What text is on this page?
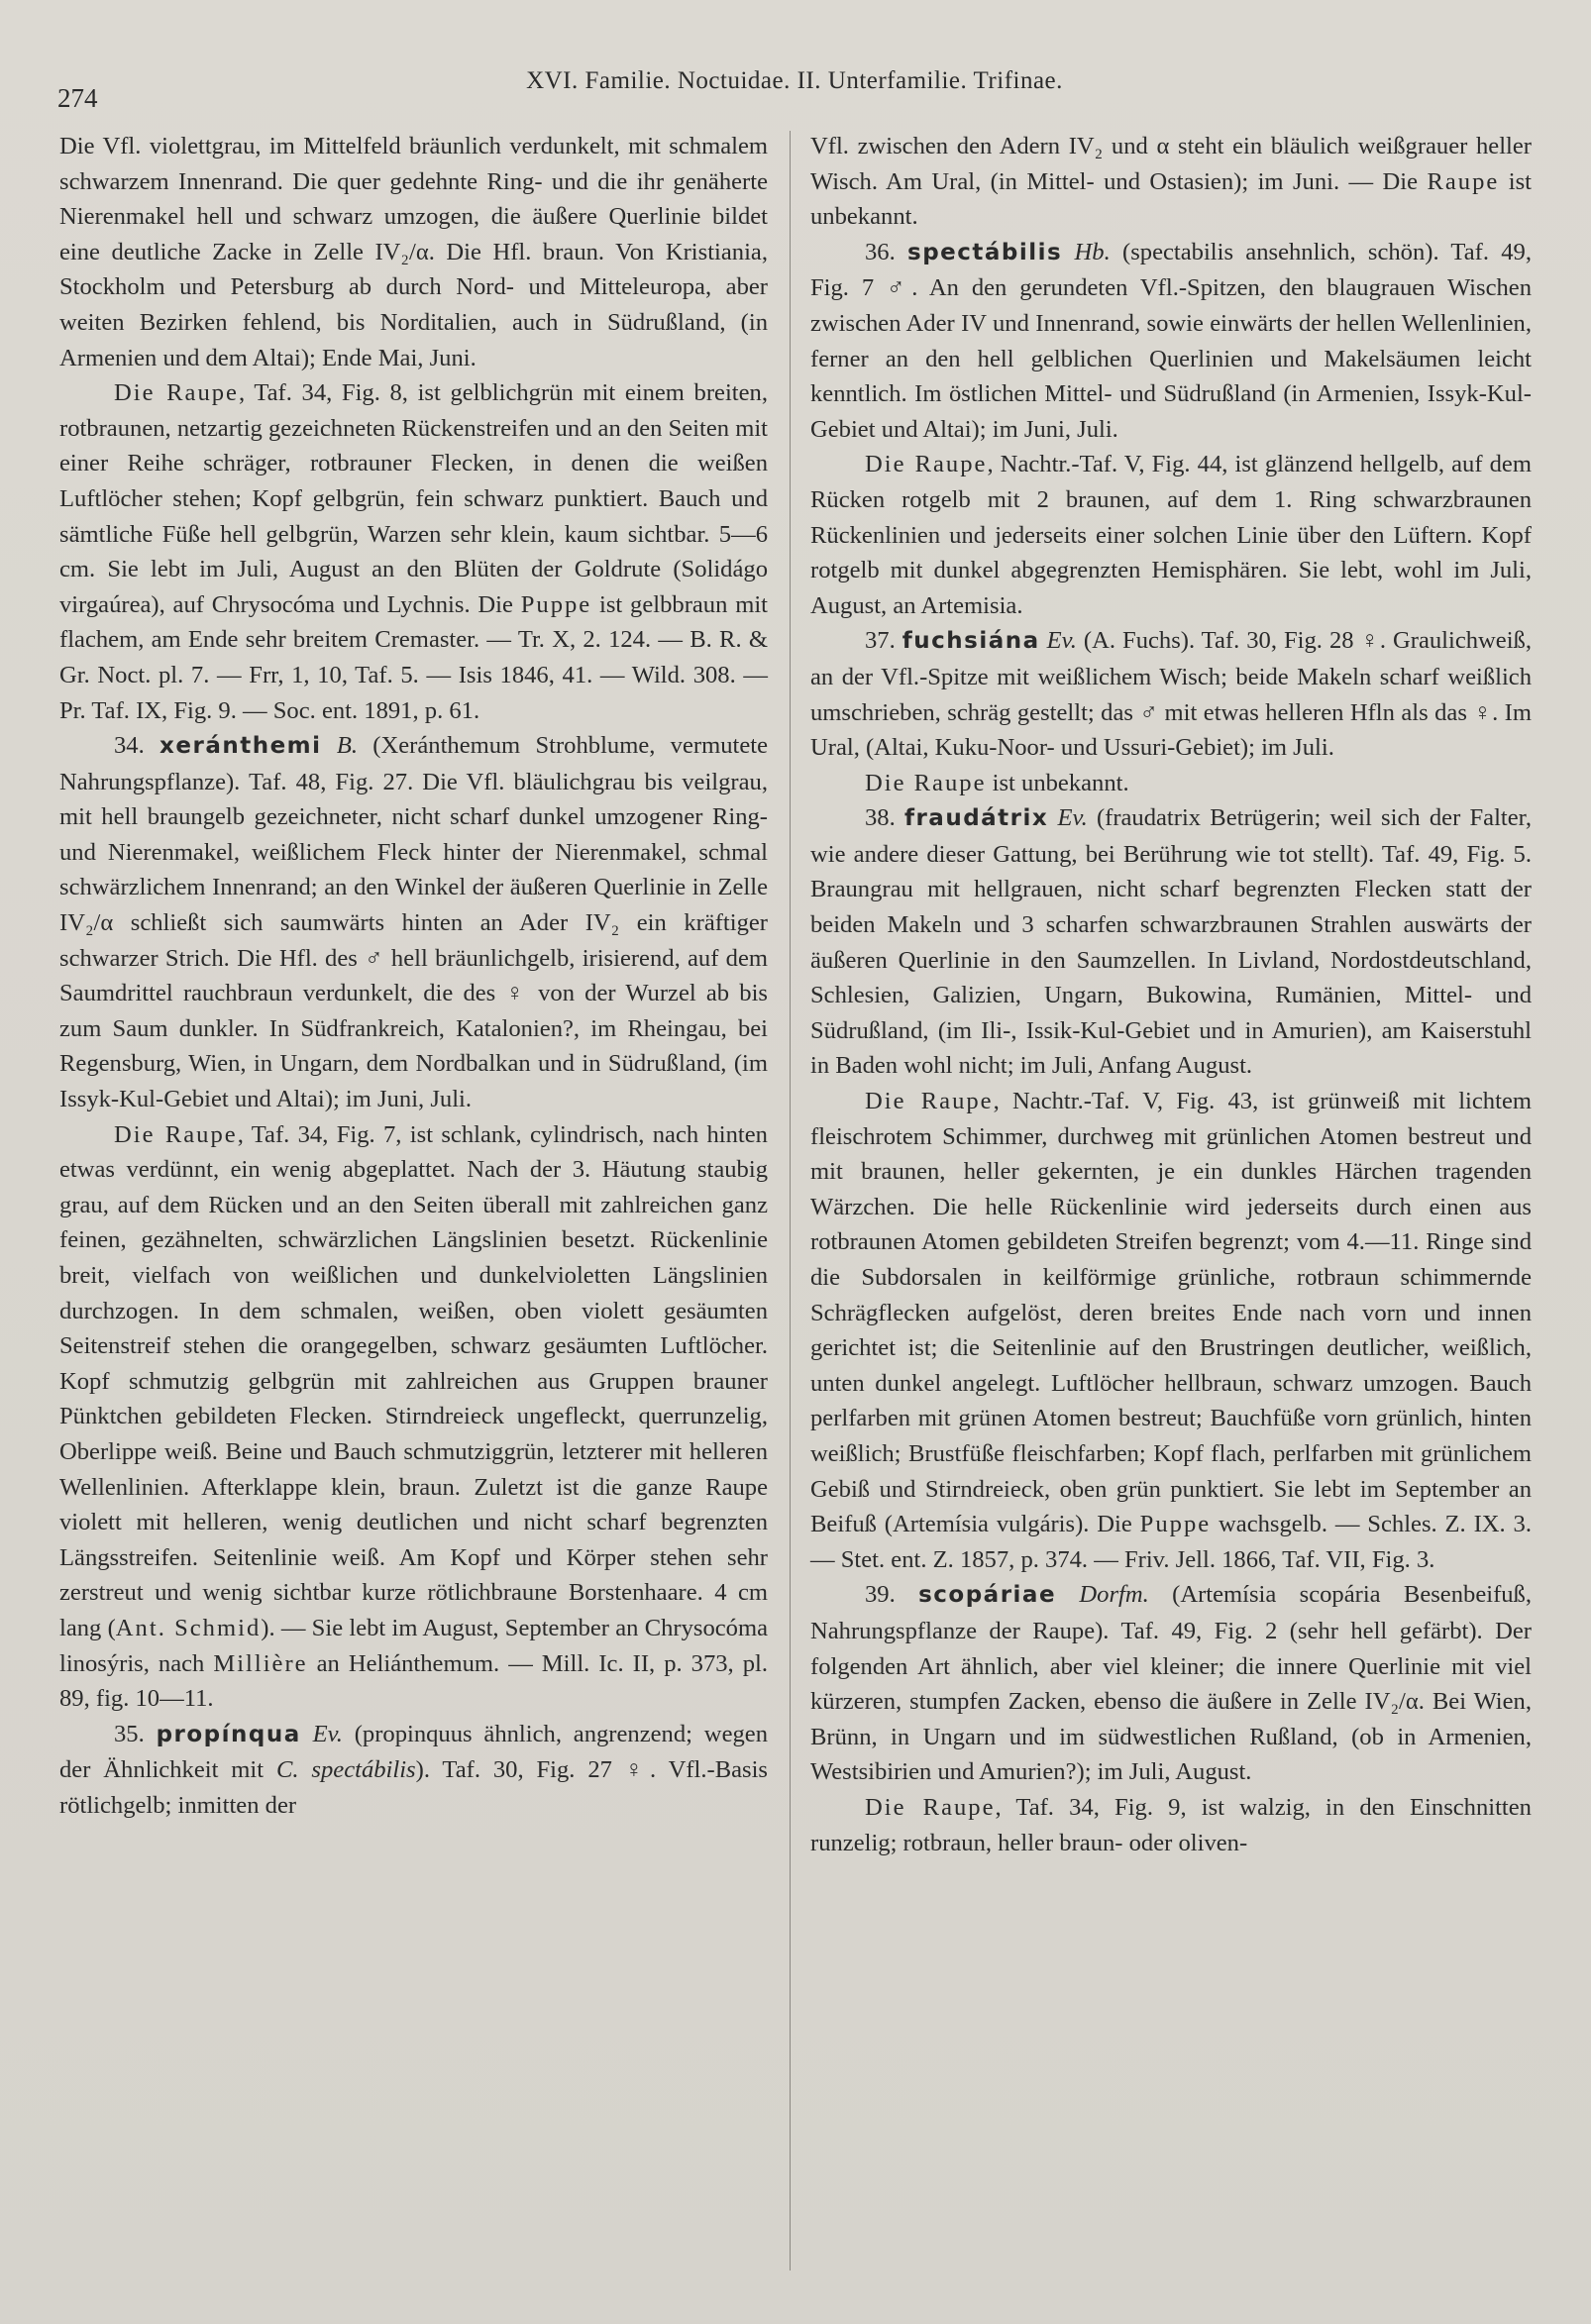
274
XVI. Familie. Noctuidae. II. Unterfamilie. Trifinae.

Die Vfl. violettgrau, im Mittelfeld bräunlich verdunkelt, mit schmalem schwarzem Innenrand. Die quer gedehnte Ring- und die ihr genäherte Nierenmakel hell und schwarz umzogen, die äußere Querlinie bildet eine deutliche Zacke in Zelle IV₂/α. Die Hfl. braun. Von Kristiania, Stockholm und Petersburg ab durch Nord- und Mitteleuropa, aber weiten Bezirken fehlend, bis Norditalien, auch in Südrußland, (in Armenien und dem Altai); Ende Mai, Juni.

Die Raupe, Taf. 34, Fig. 8, ist gelblichgrün mit einem breiten, rotbraunen, netzartig gezeichneten Rückenstreifen und an den Seiten mit einer Reihe schräger, rotbrauner Flecken, in denen die weißen Luftlöcher stehen; Kopf gelbgrün, fein schwarz punktiert. Bauch und sämtliche Füße hell gelbgrün, Warzen sehr klein, kaum sichtbar. 5—6 cm. Sie lebt im Juli, August an den Blüten der Goldrute (Solidágo virgaúrea), auf Chrysocóma und Lychnis. Die Puppe ist gelbbraun mit flachem, am Ende sehr breitem Cremaster. — Tr. X, 2. 124. — B. R. & Gr. Noct. pl. 7. — Frr, 1, 10, Taf. 5. — Isis 1846, 41. — Wild. 308. — Pr. Taf. IX, Fig. 9. — Soc. ent. 1891, p. 61.

34. xeránthemi B. (Xeránthemum Strohblume, vermutete Nahrungspflanze). Taf. 48, Fig. 27. Die Vfl. bläulichgrau bis veilgrau, mit hell braungelb gezeichneter, nicht scharf dunkel umzogener Ring- und Nierenmakel, weißlichem Fleck hinter der Nierenmakel, schmal schwärzlichem Innenrand; an den Winkel der äußeren Querlinie in Zelle IV₂/α schließt sich saumwärts hinten an Ader IV₂ ein kräftiger schwarzer Strich. Die Hfl. des ♂ hell bräunlichgelb, irisierend, auf dem Saumdrittel rauchbraun verdunkelt, die des ♀ von der Wurzel ab bis zum Saum dunkler. In Südfrankreich, Katalonien?, im Rheingau, bei Regensburg, Wien, in Ungarn, dem Nordbalkan und in Südrußland, (im Issyk-Kul-Gebiet und Altai); im Juni, Juli.

Die Raupe, Taf. 34, Fig. 7, ist schlank, cylindrisch, nach hinten etwas verdünnt, ein wenig abgeplattet. Nach der 3. Häutung staubig grau, auf dem Rücken und an den Seiten überall mit zahlreichen ganz feinen, gezähnelten, schwärzlichen Längslinien besetzt. Rückenlinie breit, vielfach von weißlichen und dunkelvioletten Längslinien durchzogen. In dem schmalen, weißen, oben violett gesäumten Seitenstreif stehen die orangegelben, schwarz gesäumten Luftlöcher. Kopf schmutzig gelbgrün mit zahlreichen aus Gruppen brauner Pünktchen gebildeten Flecken. Stirndreieck ungefleckt, querrunzelig, Oberlippe weiß. Beine und Bauch schmutziggrün, letzterer mit helleren Wellenlinien. Afterklappe klein, braun. Zuletzt ist die ganze Raupe violett mit helleren, wenig deutlichen und nicht scharf begrenzten Längsstreifen. Seitenlinie weiß. Am Kopf und Körper stehen sehr zerstreut und wenig sichtbar kurze rötlichbraune Borstenhaare. 4 cm lang (Ant. Schmid). — Sie lebt im August, September an Chrysocóma linosýris, nach Millière an Heliánthemum. — Mill. Ic. II, p. 373, pl. 89, fig. 10—11.

35. propínqua Ev. (propinquus ähnlich, angrenzend; wegen der Ähnlichkeit mit C. spectábilis). Taf. 30, Fig. 27 ♀. Vfl.-Basis rötlichgelb; inmitten der

Vfl. zwischen den Adern IV₂ und α steht ein bläulich weißgrauer heller Wisch. Am Ural, (in Mittel- und Ostasien); im Juni. — Die Raupe ist unbekannt.

36. spectábilis Hb. (spectabilis ansehnlich, schön). Taf. 49, Fig. 7 ♂. An den gerundeten Vfl.-Spitzen, den blaugrauen Wischen zwischen Ader IV und Innenrand, sowie einwärts der hellen Wellenlinien, ferner an den hell gelblichen Querlinien und Makelsäumen leicht kenntlich. Im östlichen Mittel- und Südrußland (in Armenien, Issyk-Kul-Gebiet und Altai); im Juni, Juli.

Die Raupe, Nachtr.-Taf. V, Fig. 44, ist glänzend hellgelb, auf dem Rücken rotgelb mit 2 braunen, auf dem 1. Ring schwarzbraunen Rückenlinien und jederseits einer solchen Linie über den Lüftern. Kopf rotgelb mit dunkel abgegrenzten Hemisphären. Sie lebt, wohl im Juli, August, an Artemisia.

37. fuchsiána Ev. (A. Fuchs). Taf. 30, Fig. 28 ♀. Graulichweiß, an der Vfl.-Spitze mit weißlichem Wisch; beide Makeln scharf weißlich umschrieben, schräg gestellt; das ♂ mit etwas helleren Hfln als das ♀. Im Ural, (Altai, Kuku-Noor- und Ussuri-Gebiet); im Juli.

Die Raupe ist unbekannt.

38. fraudátrix Ev. (fraudatrix Betrügerin; weil sich der Falter, wie andere dieser Gattung, bei Berührung wie tot stellt). Taf. 49, Fig. 5. Braungrau mit hellgrauen, nicht scharf begrenzten Flecken statt der beiden Makeln und 3 scharfen schwarzbraunen Strahlen auswärts der äußeren Querlinie in den Saumzellen. In Livland, Nordostdeutschland, Schlesien, Galizien, Ungarn, Bukowina, Rumänien, Mittel- und Südrußland, (im Ili-, Issik-Kul-Gebiet und in Amurien), am Kaiserstuhl in Baden wohl nicht; im Juli, Anfang August.

Die Raupe, Nachtr.-Taf. V, Fig. 43, ist grünweiß mit lichtem fleischrotem Schimmer, durchweg mit grünlichen Atomen bestreut und mit braunen, heller gekernten, je ein dunkles Härchen tragenden Wärzchen. Die helle Rückenlinie wird jederseits durch einen aus rotbraunen Atomen gebildeten Streifen begrenzt; vom 4.—11. Ringe sind die Subdorsalen in keilförmige grünliche, rotbraun schimmernde Schrägflecken aufgelöst, deren breites Ende nach vorn und innen gerichtet ist; die Seitenlinie auf den Brustringen deutlicher, weißlich, unten dunkel angelegt. Luftlöcher hellbraun, schwarz umzogen. Bauch perlfarben mit grünen Atomen bestreut; Bauchfüße vorn grünlich, hinten weißlich; Brustfüße fleischfarben; Kopf flach, perlfarben mit grünlichem Gebiß und Stirndreieck, oben grün punktiert. Sie lebt im September an Beifuß (Artemísia vulgáris). Die Puppe wachsgelb. — Schles. Z. IX. 3. — Stet. ent. Z. 1857, p. 374. — Friv. Jell. 1866, Taf. VII, Fig. 3.

39. scopáriae Dorfm. (Artemísia scopária Besenbeifuß, Nahrungspflanze der Raupe). Taf. 49, Fig. 2 (sehr hell gefärbt). Der folgenden Art ähnlich, aber viel kleiner; die innere Querlinie mit viel kürzeren, stumpfen Zacken, ebenso die äußere in Zelle IV₂/α. Bei Wien, Brünn, in Ungarn und im südwestlichen Rußland, (ob in Armenien, Westsibirien und Amurien?); im Juli, August.

Die Raupe, Taf. 34, Fig. 9, ist walzig, in den Einschnitten runzelig; rotbraun, heller braun- oder oliven-
